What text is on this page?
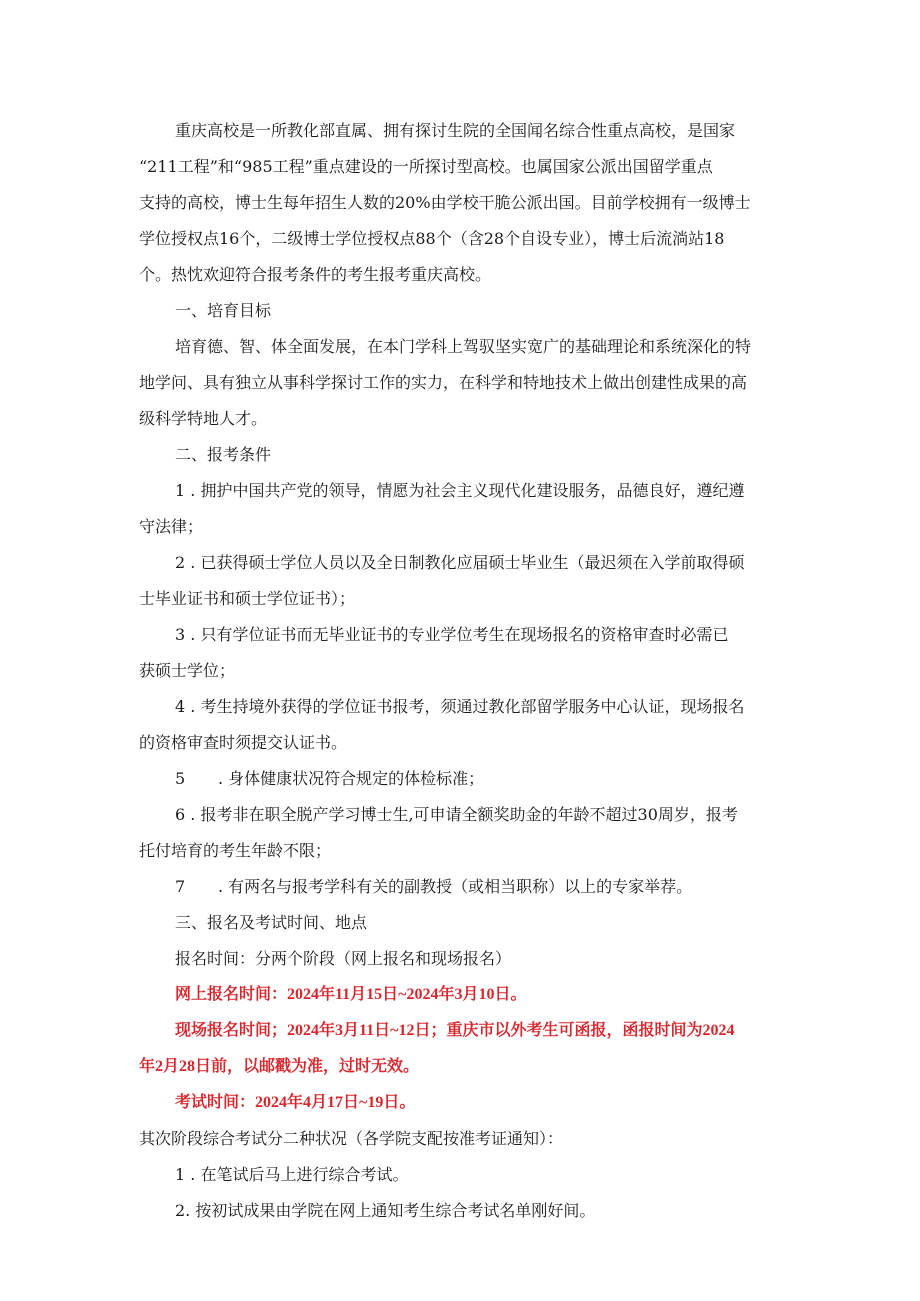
重庆高校是一所教化部直属、拥有探讨生院的全国闻名综合性重点高校，是国家
“211工程”和“985工程”重点建设的一所探讨型高校。也属国家公派出国留学重点
支持的高校，博士生每年招生人数的20%由学校干脆公派出国。目前学校拥有一级博士
学位授权点16个，二级博士学位授权点88个（含28个自设专业），博士后流淌站18
个。热忱欢迎符合报考条件的考生报考重庆高校。
一、培育目标
培育德、智、体全面发展，在本门学科上驾驭坚实宽广的基础理论和系统深化的特
地学问、具有独立从事科学探讨工作的实力，在科学和特地技术上做出创建性成果的高
级科学特地人才。
二、报考条件
1 . 拥护中国共产党的领导，情愿为社会主义现代化建设服务，品德良好，遵纪遵
守法律；
2 . 已获得硕士学位人员以及全日制教化应届硕士毕业生（最迟须在入学前取得硕
士毕业证书和硕士学位证书）；
3 . 只有学位证书而无毕业证书的专业学位考生在现场报名的资格审查时必需已
获硕士学位；
4 . 考生持境外获得的学位证书报考，须通过教化部留学服务中心认证，现场报名
的资格审查时须提交认证书。
5 . 身体健康状况符合规定的体检标准；
6 . 报考非在职全脱产学习博士生,可申请全额奖助金的年龄不超过30周岁，报考
托付培育的考生年龄不限；
7 . 有两名与报考学科有关的副教授（或相当职称）以上的专家举荐。
三、报名及考试时间、地点
报名时间：分两个阶段（网上报名和现场报名）
网上报名时间：2024年11月15日~2024年3月10日。
现场报名时间；2024年3月11日~12日；重庆市以外考生可函报，函报时间为2024
年2月28日前，以邮戳为准，过时无效。
考试时间：2024年4月17日~19日。
其次阶段综合考试分二种状况（各学院支配按准考证通知）：
1 . 在笔试后马上进行综合考试。
2. 按初试成果由学院在网上通知考生综合考试名单刚好间。
